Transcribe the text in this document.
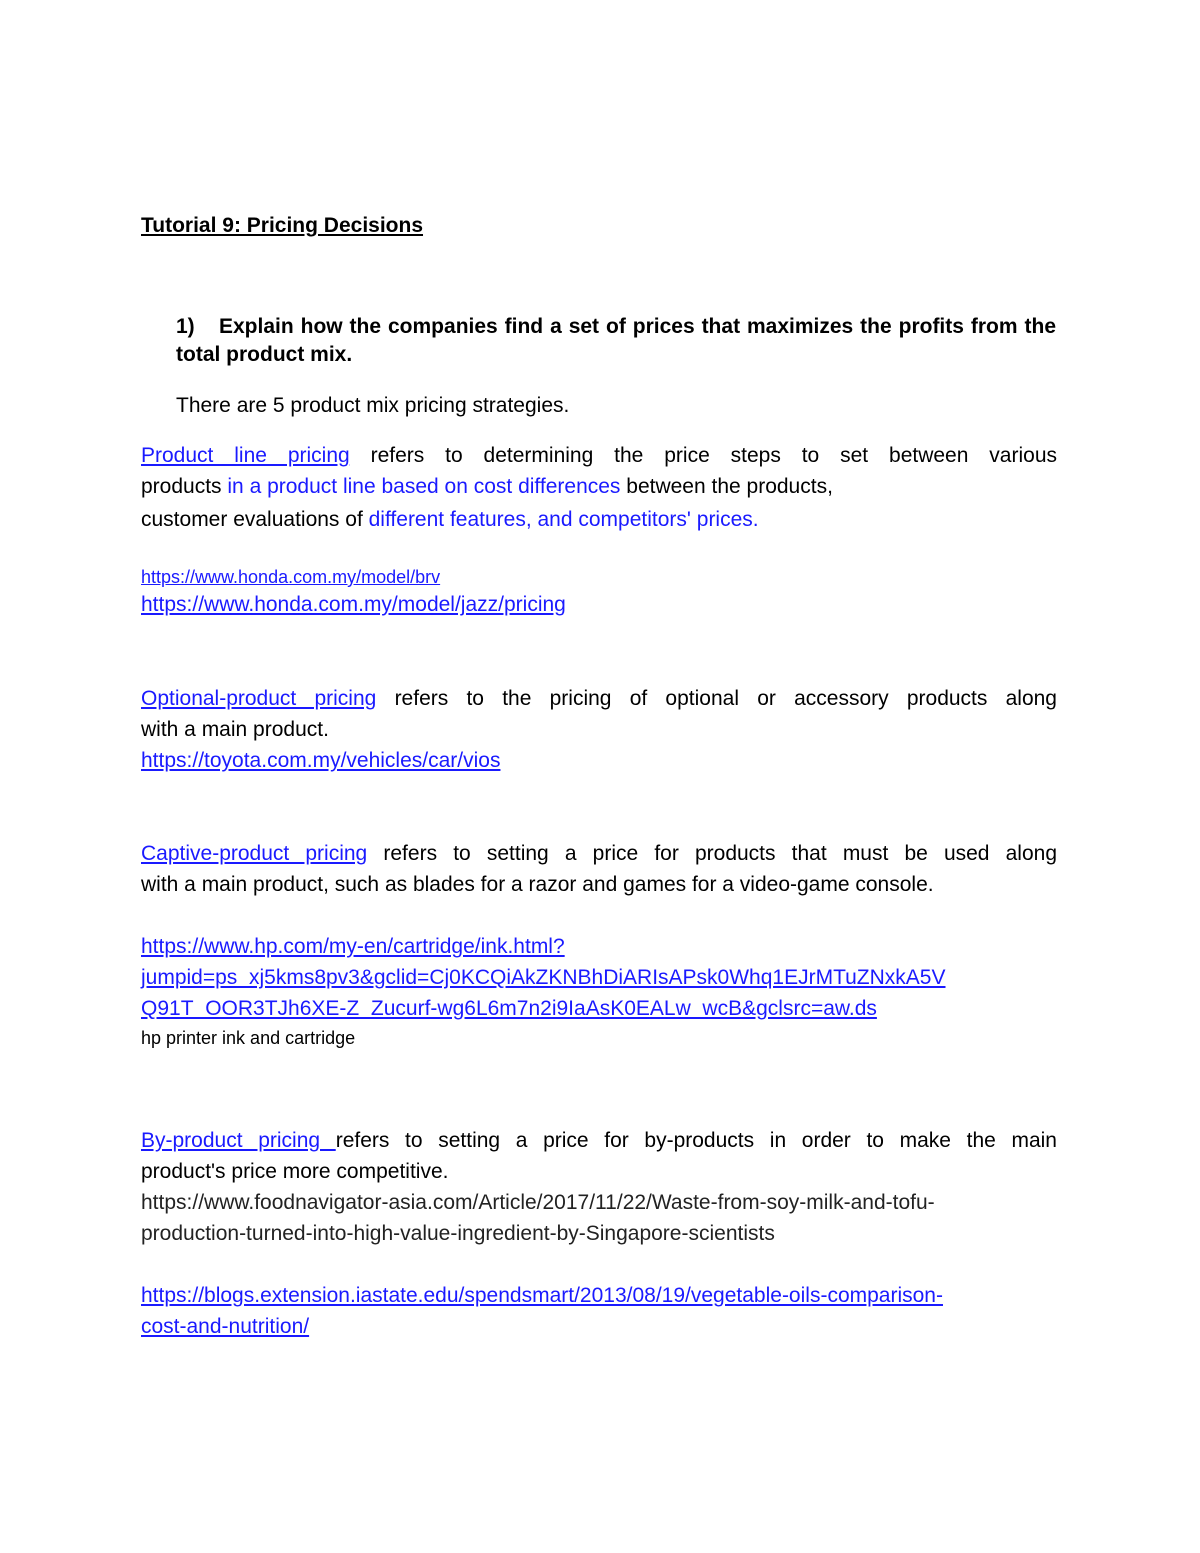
Tutorial 9: Pricing Decisions
1)	Explain how the companies find a set of prices that maximizes the profits from the total product mix.

There are 5 product mix pricing strategies.

Product line pricing refers to determining the price steps to set between various
products in a product line based on cost differences between the products,
customer evaluations of different features, and competitors' prices.

https://www.honda.com.my/model/brv
https://www.honda.com.my/model/jazz/pricing

Optional-product pricing refers to the pricing of optional or accessory products along
with a main product.
https://toyota.com.my/vehicles/car/vios

Captive-product pricing refers to setting a price for products that must be used along
with a main product, such as blades for a razor and games for a video-game console.

https://www.hp.com/my-en/cartridge/ink.html?
jumpid=ps_xj5kms8pv3&gclid=Cj0KCQiAkZKNBhDiARIsAPsk0Whq1EJrMTuZNxkA5V
Q91T_OOR3TJh6XE-Z_Zucurf-wg6L6m7n2i9IaAsK0EALw_wcB&gclsrc=aw.ds
hp printer ink and cartridge

By-product pricing refers to setting a price for by-products in order to make the main
product's price more competitive.
https://www.foodnavigator-asia.com/Article/2017/11/22/Waste-from-soy-milk-and-tofu-
production-turned-into-high-value-ingredient-by-Singapore-scientists

https://blogs.extension.iastate.edu/spendsmart/2013/08/19/vegetable-oils-comparison-
cost-and-nutrition/
